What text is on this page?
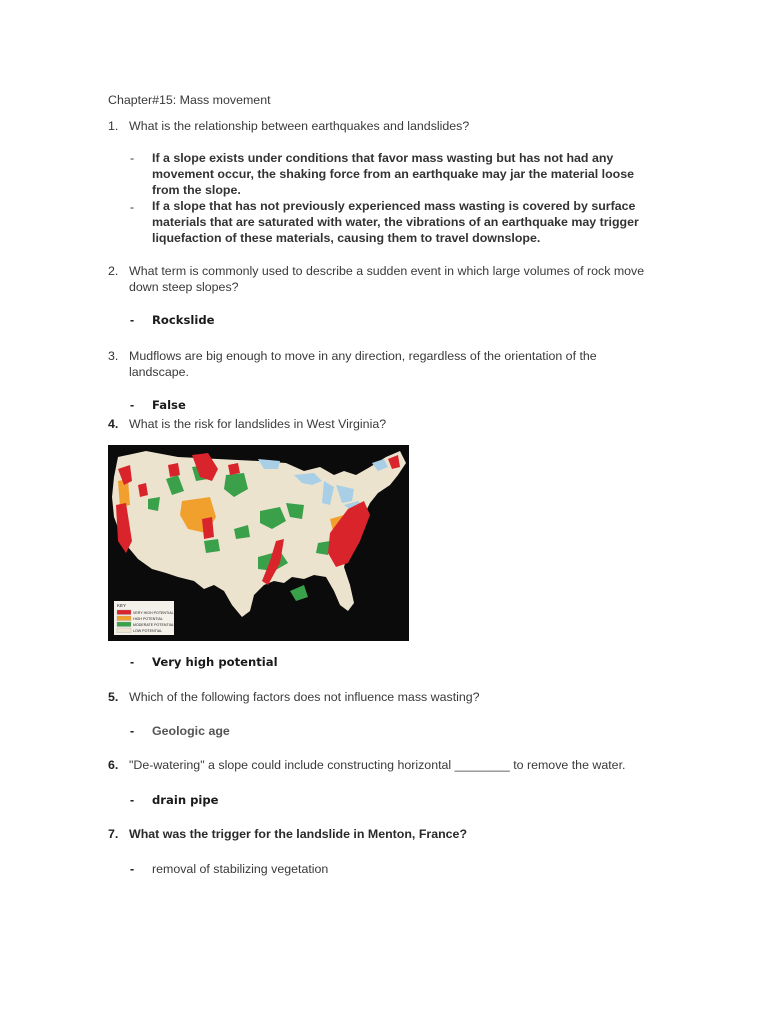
Chapter#15: Mass movement
1. What is the relationship between earthquakes and landslides?
- If a slope exists under conditions that favor mass wasting but has not had any
movement occur, the shaking force from an earthquake may jar the material loose
from the slope.
- If a slope that has not previously experienced mass wasting is covered by surface
materials that are saturated with water, the vibrations of an earthquake may trigger
liquefaction of these materials, causing them to travel downslope.
2. What term is commonly used to describe a sudden event in which large volumes of rock move
down steep slopes?
- Rockslide
3. Mudflows are big enough to move in any direction, regardless of the orientation of the
landscape.
- False
4. What is the risk for landslides in West Virginia?
KEY
VERY HIGH POTENTIAL
HIGH POTENTIAL
MODERATE POTENTIAL
LOW POTENTIAL
- Very high potential
5. Which of the following factors does not influence mass wasting?
- Geologic age
6. "De-watering" a slope could include constructing horizontal ________ to remove the water.
- drain pipe
7. What was the trigger for the landslide in Menton, France?
- removal of stabilizing vegetation
